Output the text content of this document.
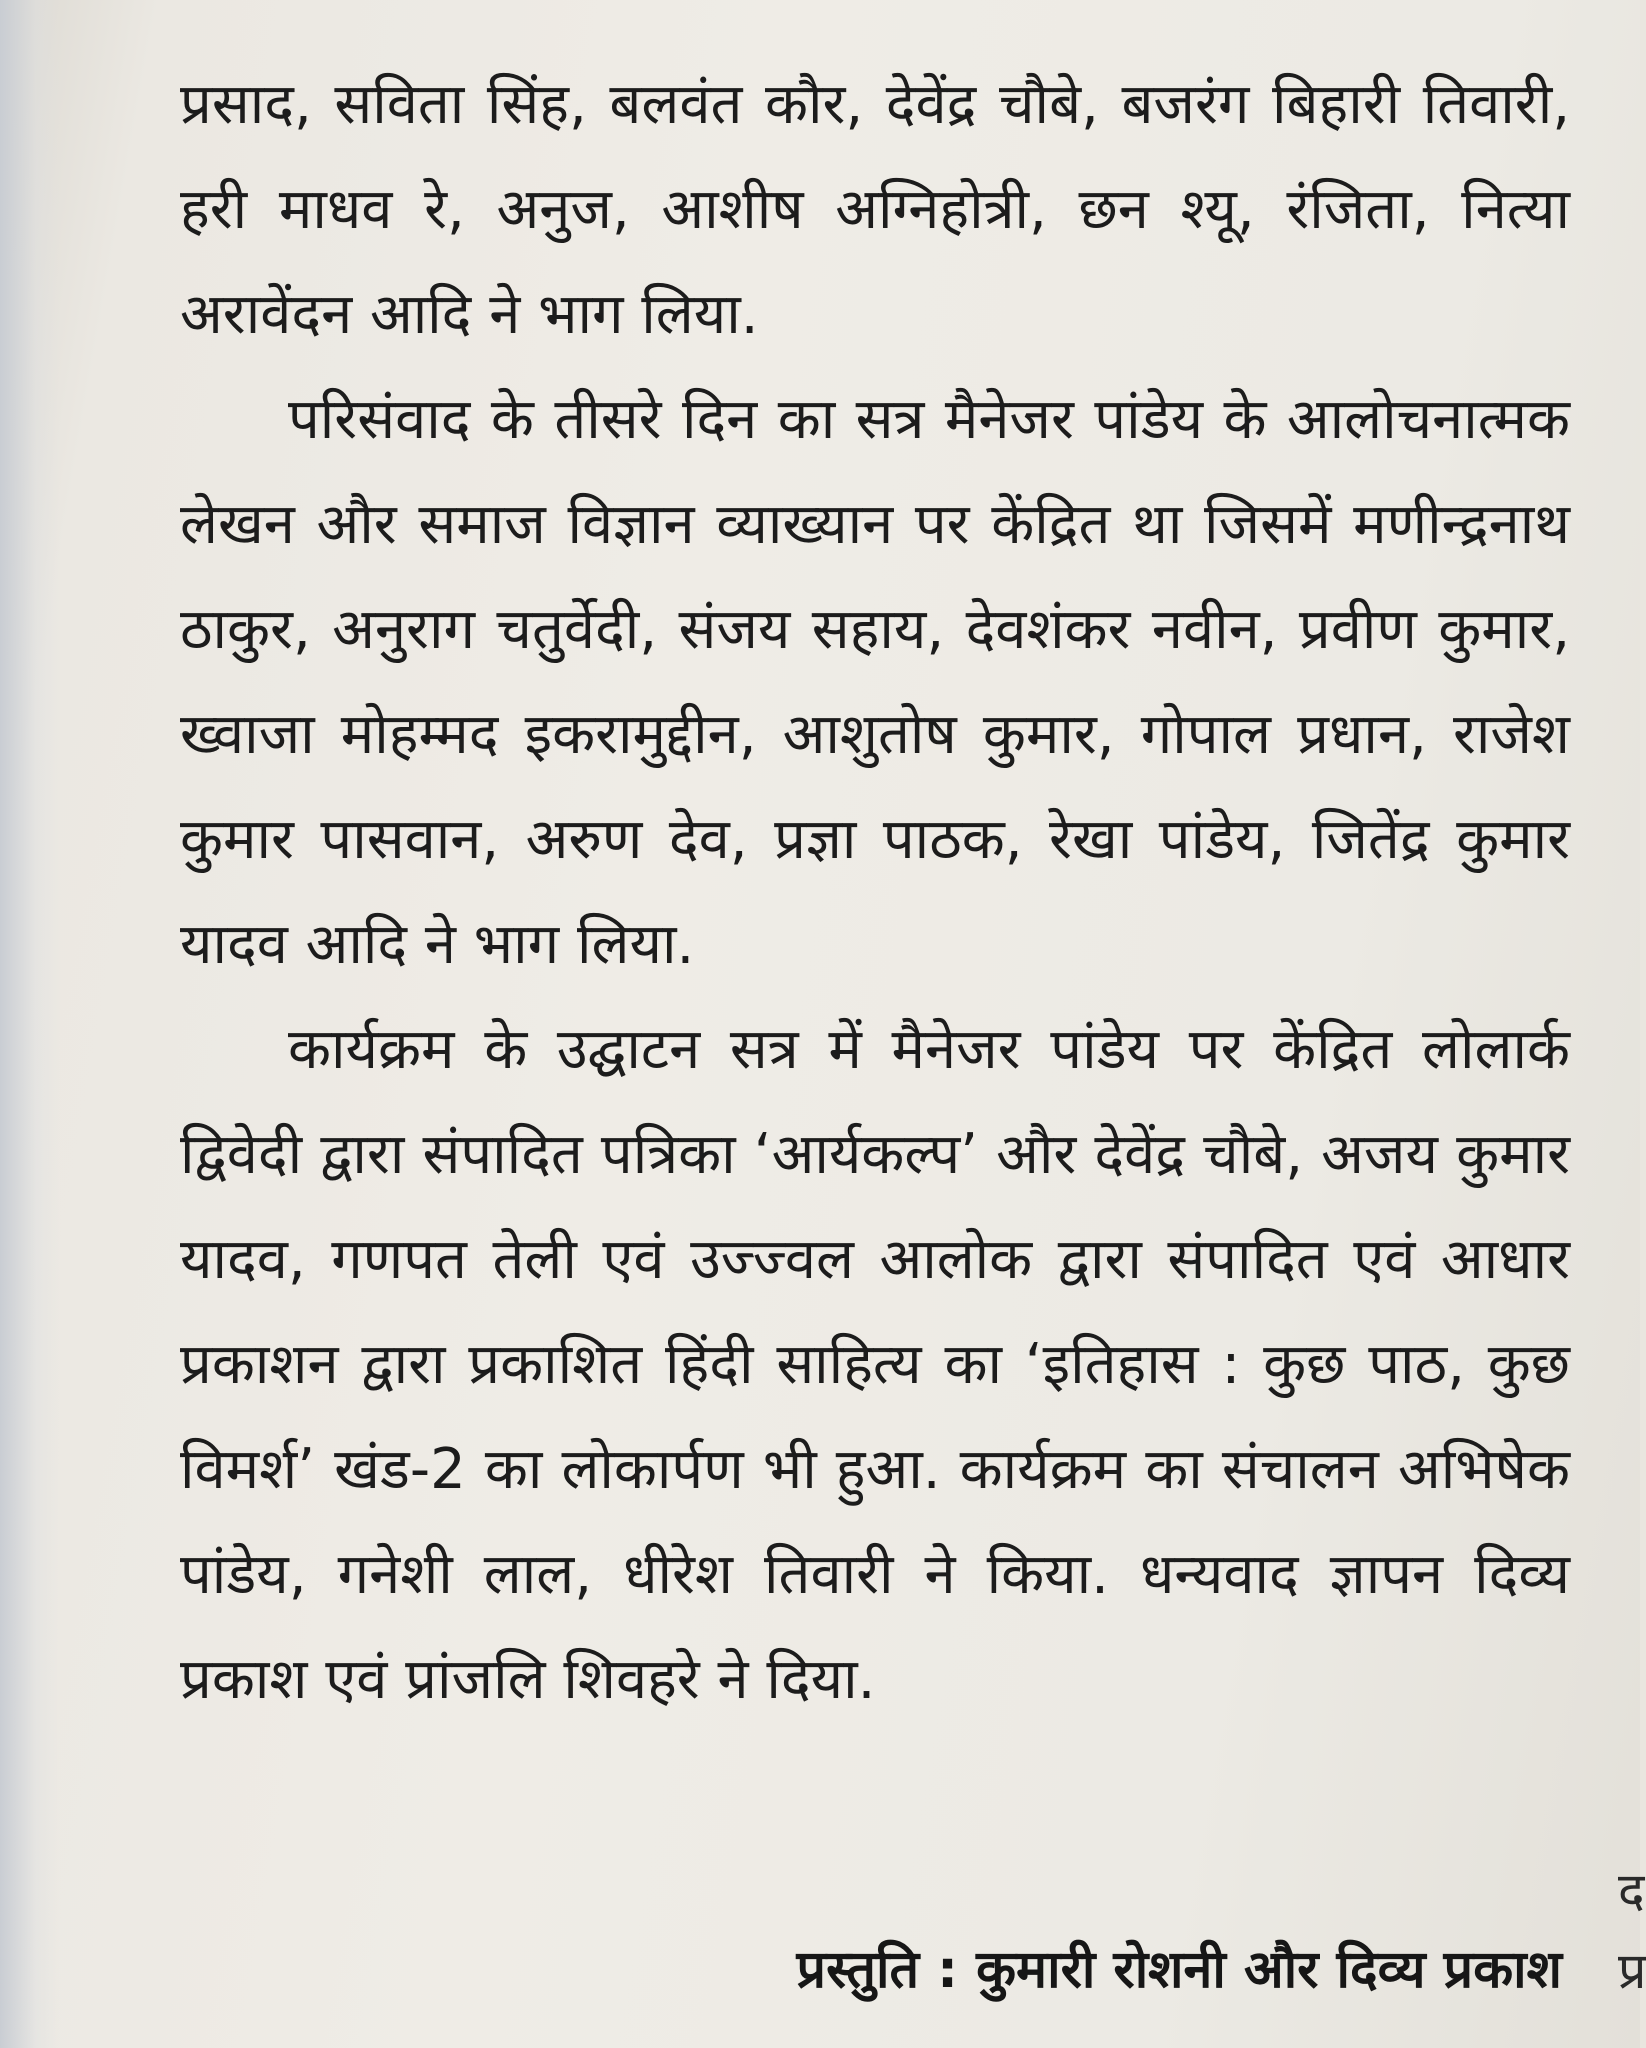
प्रसाद, सविता सिंह, बलवंत कौर, देवेंद्र चौबे, बजरंग बिहारी तिवारी, हरी माधव रे, अनुज, आशीष अग्निहोत्री, छन श्यू, रंजिता, नित्या अरावेंदन आदि ने भाग लिया.

परिसंवाद के तीसरे दिन का सत्र मैनेजर पांडेय के आलोचनात्मक लेखन और समाज विज्ञान व्याख्यान पर केंद्रित था जिसमें मणीन्द्रनाथ ठाकुर, अनुराग चतुर्वेदी, संजय सहाय, देवशंकर नवीन, प्रवीण कुमार, ख्वाजा मोहम्मद इकरामुद्दीन, आशुतोष कुमार, गोपाल प्रधान, राजेश कुमार पासवान, अरुण देव, प्रज्ञा पाठक, रेखा पांडेय, जितेंद्र कुमार यादव आदि ने भाग लिया.

कार्यक्रम के उद्घाटन सत्र में मैनेजर पांडेय पर केंद्रित लोलार्क द्विवेदी द्वारा संपादित पत्रिका ‘आर्यकल्प’ और देवेंद्र चौबे, अजय कुमार यादव, गणपत तेली एवं उज्ज्वल आलोक द्वारा संपादित एवं आधार प्रकाशन द्वारा प्रकाशित हिंदी साहित्य का ‘इतिहास : कुछ पाठ, कुछ विमर्श’ खंड-2 का लोकार्पण भी हुआ. कार्यक्रम का संचालन अभिषेक पांडेय, गनेशी लाल, धीरेश तिवारी ने किया. धन्यवाद ज्ञापन दिव्य प्रकाश एवं प्रांजलि शिवहरे ने दिया.

प्रस्तुति : कुमारी रोशनी और दिव्य प्रकाश
द
प्र
